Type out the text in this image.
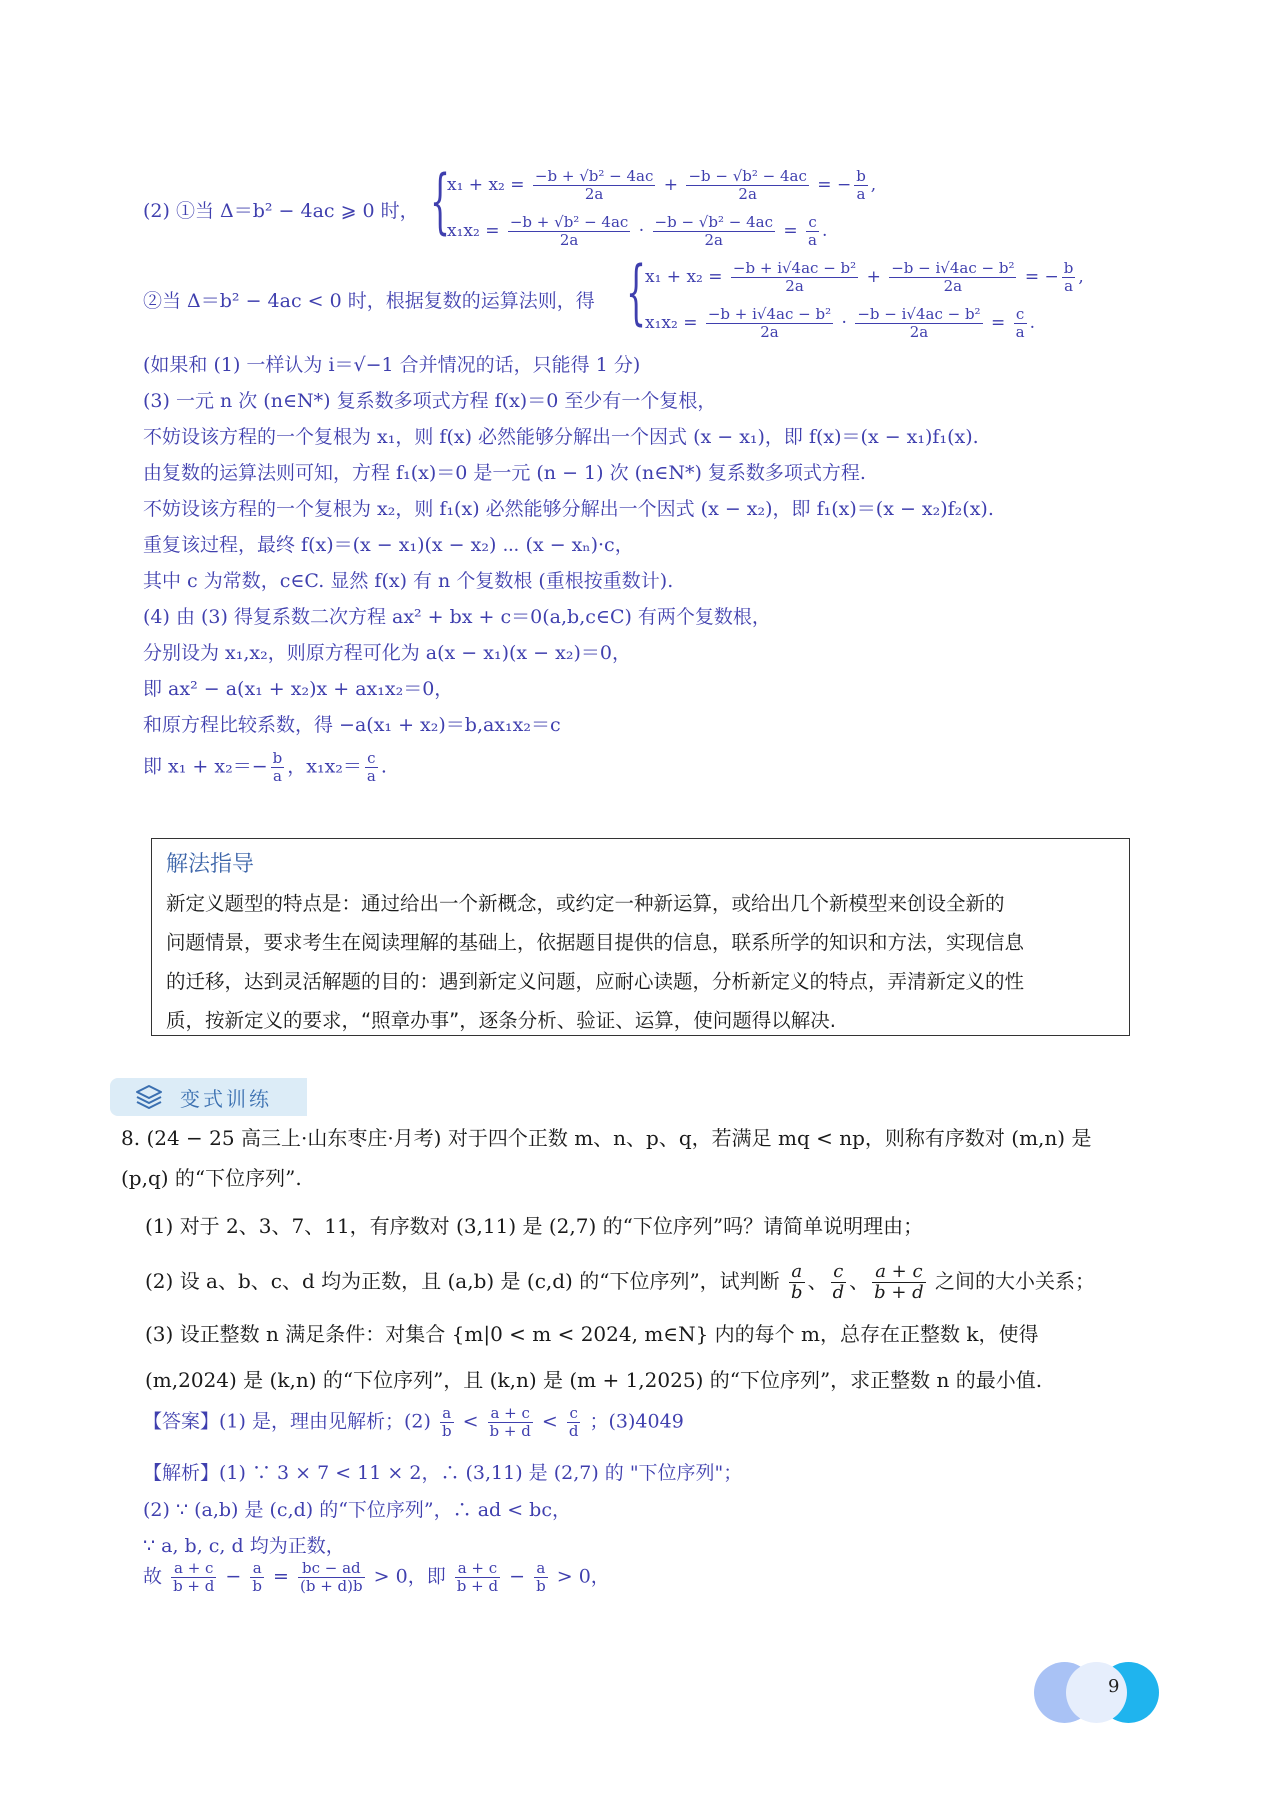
(2) ①当 Δ＝b² − 4ac ⩾ 0 时， {
$x_1 + x_2 = \frac{\text{−b + √b² − 4ac}}{2a} + \frac{\text{−b − √b² − 4ac}}{2a}$ = − $\frac{b}{a}$ ,
$x_1x_2 = \frac{\text{−b + √b² − 4ac}}{2a} \cdot \frac{\text{−b − √b² − 4ac}}{2a} = \frac{c}{a}$ .
②当 Δ＝b² − 4ac < 0 时，根据复数的运算法则，得 {
$x_1 + x_2 = \frac{\text{−b + i√4ac − b²}}{2a} + \frac{\text{−b − i√4ac − b²}}{2a}$ = − $\frac{b}{a}$ ,
$x_1x_2 = \frac{\text{−b + i√4ac − b²}}{2a} \cdot \frac{\text{−b − i√4ac − b²}}{2a} = \frac{c}{a}$ .
(如果和 (1) 一样认为 i＝√−1 合并情况的话，只能得 1 分)
(3) 一元 n 次 (n∈N*) 复系数多项式方程 f(x)＝0 至少有一个复根，
不妨设该方程的一个复根为 x₁，则 f(x) 必然能够分解出一个因式 (x − x₁)，即 f(x)＝(x − x₁)f₁(x).
由复数的运算法则可知，方程 f₁(x)＝0 是一元 (n − 1) 次 (n∈N*) 复系数多项式方程.
不妨设该方程的一个复根为 x₂，则 f₁(x) 必然能够分解出一个因式 (x − x₂)，即 f₁(x)＝(x − x₂)f₂(x).
重复该过程，最终 f(x)＝(x − x₁)(x − x₂) ⋯ (x − xₙ)·c，
其中 c 为常数，c∈C. 显然 f(x) 有 n 个复数根 (重根按重数计).
(4) 由 (3) 得复系数二次方程 ax² + bx + c＝0(a,b,c∈C) 有两个复数根，
分别设为 x₁,x₂，则原方程可化为 a(x − x₁)(x − x₂)＝0，
即 ax² − a(x₁ + x₂)x + ax₁x₂＝0，
和原方程比较系数，得 −a(x₁ + x₂)＝b,ax₁x₂＝c
即 $x_1 + x_2=- \frac{b}{a}$ ，$x_1x_2= \frac{c}{a}$ .
解法指导
新定义题型的特点是：通过给出一个新概念，或约定一种新运算，或给出几个新模型来创设全新的
问题情景，要求考生在阅读理解的基础上，依据题目提供的信息，联系所学的知识和方法，实现信息
的迁移，达到灵活解题的目的：遇到新定义问题，应耐心读题，分析新定义的特点，弄清新定义的性
质，按新定义的要求，“照章办事”，逐条分析、验证、运算，使问题得以解决.
变式训练
8. (24 − 25 高三上·山东枣庄·月考) 对于四个正数 m、n、p、q，若满足 mq < np，则称有序数对 (m,n) 是
(p,q) 的“下位序列”.
(1) 对于 2、3、7、11，有序数对 (3,11) 是 (2,7) 的“下位序列”吗？请简单说明理由；
(2) 设 a、b、c、d 均为正数，且 (a,b) 是 (c,d) 的“下位序列”，试判断 $\frac{a}{b}$ 、 $\frac{c}{d}$ 、 $\frac{a + c}{b + d}$ 之间的大小关系；
(3) 设正整数 n 满足条件：对集合 {m|0 < m < 2024, m∈N} 内的每个 m，总存在正整数 k，使得
(m,2024) 是 (k,n) 的“下位序列”，且 (k,n) 是 (m + 1,2025) 的“下位序列”，求正整数 n 的最小值.
【答案】(1) 是，理由见解析；$(2) \frac{a}{b} < \frac{a + c}{b + d} < \frac{c}{d}$ ；(3)4049
【解析】(1) ∵ 3 × 7 < 11 × 2，∴ (3,11) 是 (2,7) 的 "下位序列"；
(2) ∵ (a,b) 是 (c,d) 的“下位序列”，∴ ad < bc，
∵ a, b, c, d 均为正数，
故 $\frac{a + c}{b + d} - \frac{a}{b} = \frac{bc - ad}{(b + d)b} > 0$，即 $\frac{a + c}{b + d} - \frac{a}{b} > 0$，
9
